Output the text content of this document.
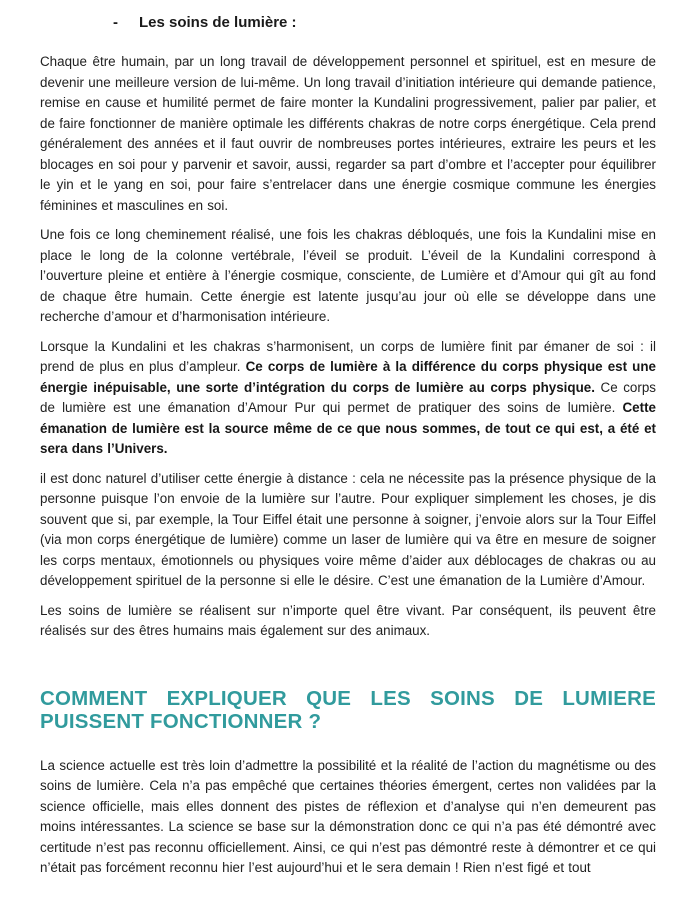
- Les soins de lumière :

Chaque être humain, par un long travail de développement personnel et spirituel, est en mesure de devenir une meilleure version de lui-même. Un long travail d’initiation intérieure qui demande patience, remise en cause et humilité permet de faire monter la Kundalini progressivement, palier par palier, et de faire fonctionner de manière optimale les différents chakras de notre corps énergétique. Cela prend généralement des années et il faut ouvrir de nombreuses portes intérieures, extraire les peurs et les blocages en soi pour y parvenir et savoir, aussi, regarder sa part d’ombre et l’accepter pour équilibrer le yin et le yang en soi, pour faire s’entrelacer dans une énergie cosmique commune les énergies féminines et masculines en soi.

Une fois ce long cheminement réalisé, une fois les chakras débloqués, une fois la Kundalini mise en place le long de la colonne vertébrale, l’éveil se produit. L’éveil de la Kundalini correspond à l’ouverture pleine et entière à l’énergie cosmique, consciente, de Lumière et d’Amour qui gît au fond de chaque être humain. Cette énergie est latente jusqu’au jour où elle se développe dans une recherche d’amour et d’harmonisation intérieure.

Lorsque la Kundalini et les chakras s’harmonisent, un corps de lumière finit par émaner de soi : il prend de plus en plus d’ampleur. Ce corps de lumière à la différence du corps physique est une énergie inépuisable, une sorte d’intégration du corps de lumière au corps physique. Ce corps de lumière est une émanation d’Amour Pur qui permet de pratiquer des soins de lumière. Cette émanation de lumière est la source même de ce que nous sommes, de tout ce qui est, a été et sera dans l’Univers.

il est donc naturel d’utiliser cette énergie à distance : cela ne nécessite pas la présence physique de la personne puisque l’on envoie de la lumière sur l’autre. Pour expliquer simplement les choses, je dis souvent que si, par exemple, la Tour Eiffel était une personne à soigner, j’envoie alors sur la Tour Eiffel (via mon corps énergétique de lumière) comme un laser de lumière qui va être en mesure de soigner les corps mentaux, émotionnels ou physiques voire même d’aider aux déblocages de chakras ou au développement spirituel de la personne si elle le désire. C’est une émanation de la Lumière d’Amour.

Les soins de lumière se réalisent sur n’importe quel être vivant. Par conséquent, ils peuvent être réalisés sur des êtres humains mais également sur des animaux.

COMMENT EXPLIQUER QUE LES SOINS DE LUMIERE
PUISSENT FONCTIONNER ?

La science actuelle est très loin d’admettre la possibilité et la réalité de l’action du magnétisme ou des soins de lumière. Cela n’a pas empêché que certaines théories émergent, certes non validées par la science officielle, mais elles donnent des pistes de réflexion et d’analyse qui n’en demeurent pas moins intéressantes. La science se base sur la démonstration donc ce qui n’a pas été démontré avec certitude n’est pas reconnu officiellement. Ainsi, ce qui n’est pas démontré reste à démontrer et ce qui n’était pas forcément reconnu hier l’est aujourd’hui et le sera demain ! Rien n’est figé et tout
